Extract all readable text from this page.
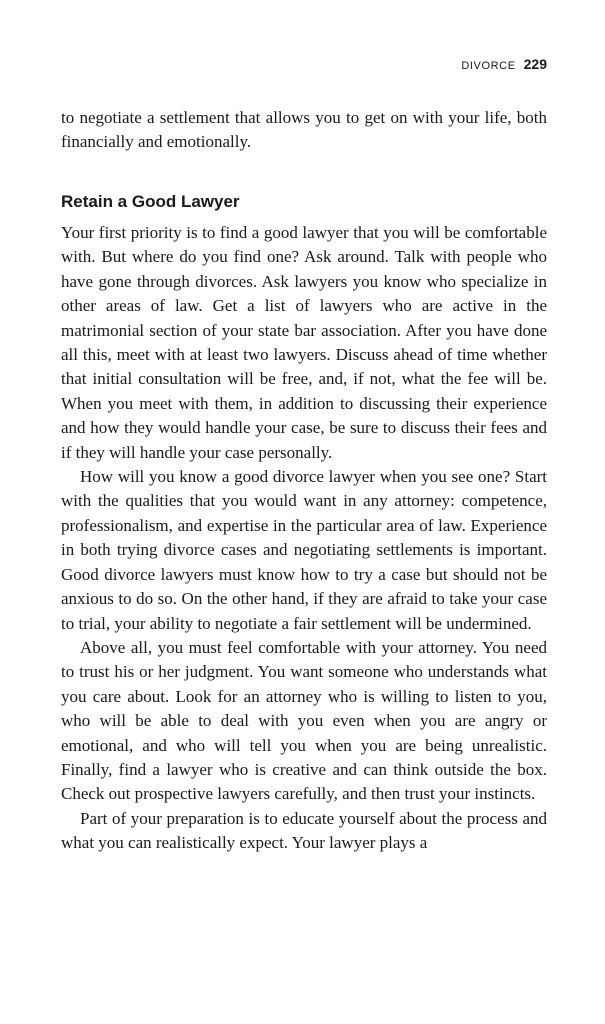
DIVORCE 229

to negotiate a settlement that allows you to get on with your life, both financially and emotionally.

Retain a Good Lawyer

Your first priority is to find a good lawyer that you will be comfortable with. But where do you find one? Ask around. Talk with people who have gone through divorces. Ask lawyers you know who specialize in other areas of law. Get a list of lawyers who are active in the matrimonial section of your state bar association. After you have done all this, meet with at least two lawyers. Discuss ahead of time whether that initial consultation will be free, and, if not, what the fee will be. When you meet with them, in addition to discussing their experience and how they would handle your case, be sure to discuss their fees and if they will handle your case personally.

How will you know a good divorce lawyer when you see one? Start with the qualities that you would want in any attorney: competence, professionalism, and expertise in the particular area of law. Experience in both trying divorce cases and negotiating settlements is important. Good divorce lawyers must know how to try a case but should not be anxious to do so. On the other hand, if they are afraid to take your case to trial, your ability to negotiate a fair settlement will be undermined.

Above all, you must feel comfortable with your attorney. You need to trust his or her judgment. You want someone who understands what you care about. Look for an attorney who is willing to listen to you, who will be able to deal with you even when you are angry or emotional, and who will tell you when you are being unrealistic. Finally, find a lawyer who is creative and can think outside the box. Check out prospective lawyers carefully, and then trust your instincts.

Part of your preparation is to educate yourself about the process and what you can realistically expect. Your lawyer plays a
